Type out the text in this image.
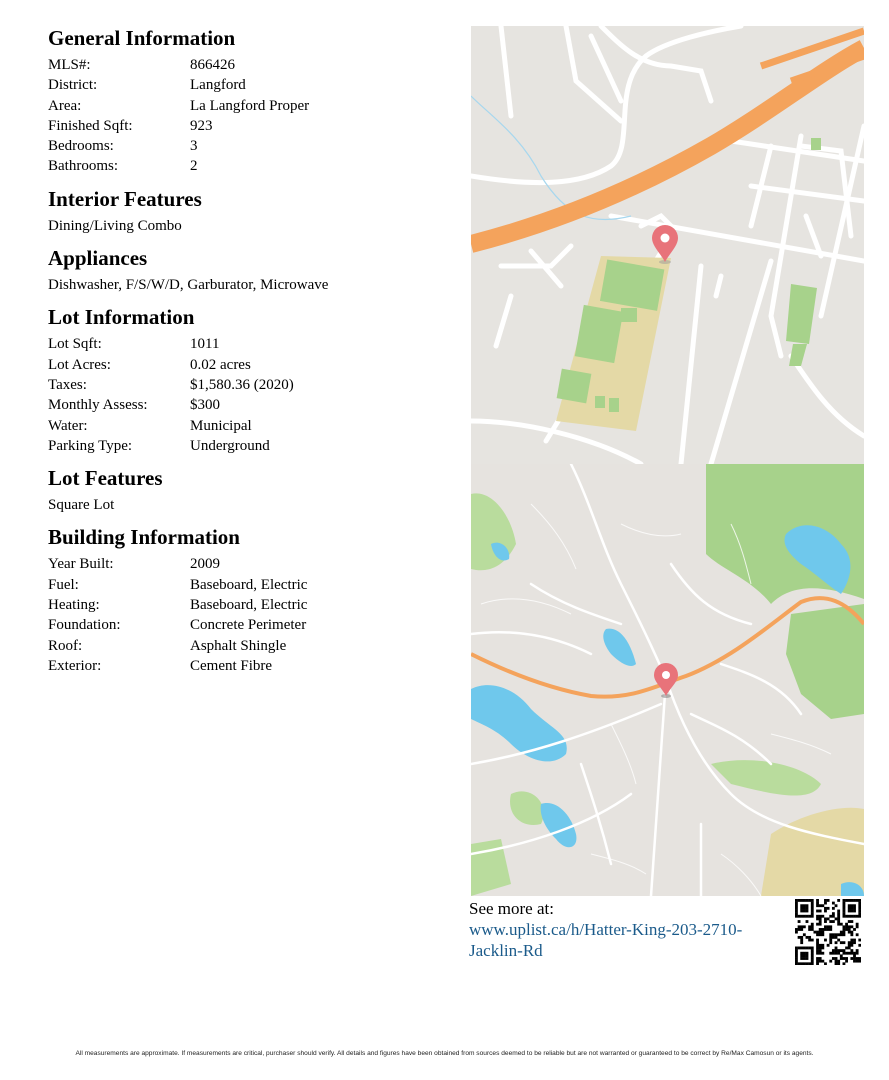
General Information
MLS#:	866426
District:	Langford
Area:	La Langford Proper
Finished Sqft:	923
Bedrooms:	3
Bathrooms:	2
Interior Features
Dining/Living Combo
Appliances
Dishwasher, F/S/W/D, Garburator, Microwave
Lot Information
Lot Sqft:	1011
Lot Acres:	0.02 acres
Taxes:	$1,580.36 (2020)
Monthly Assess:	$300
Water:	Municipal
Parking Type:	Underground
Lot Features
Square Lot
Building Information
Year Built:	2009
Fuel:	Baseboard, Electric
Heating:	Baseboard, Electric
Foundation:	Concrete Perimeter
Roof:	Asphalt Shingle
Exterior:	Cement Fibre
See more at:
www.uplist.ca/h/Hatter-King-203-2710-
Jacklin-Rd
All measurements are approximate. If measurements are critical, purchaser should verify. All details and figures have been obtained from sources deemed to be reliable but are not warranted or guaranteed to be correct by Re/Max Camosun or its agents.
